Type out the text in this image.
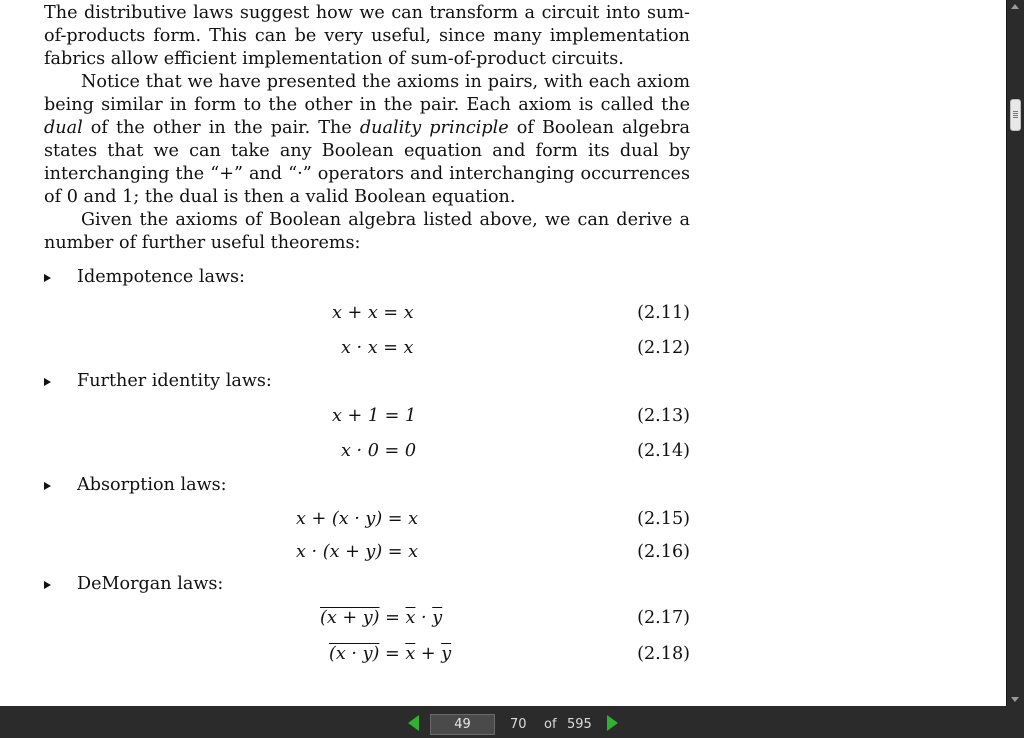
The distributive laws suggest how we can transform a circuit into sum-of-products form. This can be very useful, since many implementation fabrics allow efficient implementation of sum-of-product circuits.

Notice that we have presented the axioms in pairs, with each axiom being similar in form to the other in the pair. Each axiom is called the dual of the other in the pair. The duality principle of Boolean algebra states that we can take any Boolean equation and form its dual by interchanging the “+” and “·” operators and interchanging occurrences of 0 and 1; the dual is then a valid Boolean equation.

Given the axioms of Boolean algebra listed above, we can derive a number of further useful theorems:

Idempotence laws:
x + x = x	(2.11)
x · x = x	(2.12)
Further identity laws:
x + 1 = 1	(2.13)
x · 0 = 0	(2.14)
Absorption laws:
x + (x · y) = x	(2.15)
x · (x + y) = x	(2.16)
DeMorgan laws:
$(x + y) = \overline{x} \cdot \overline{y}$	(2.17)
$(x \cdot y) = \overline{x} + \overline{y}$	(2.18)
49
70 of 595
